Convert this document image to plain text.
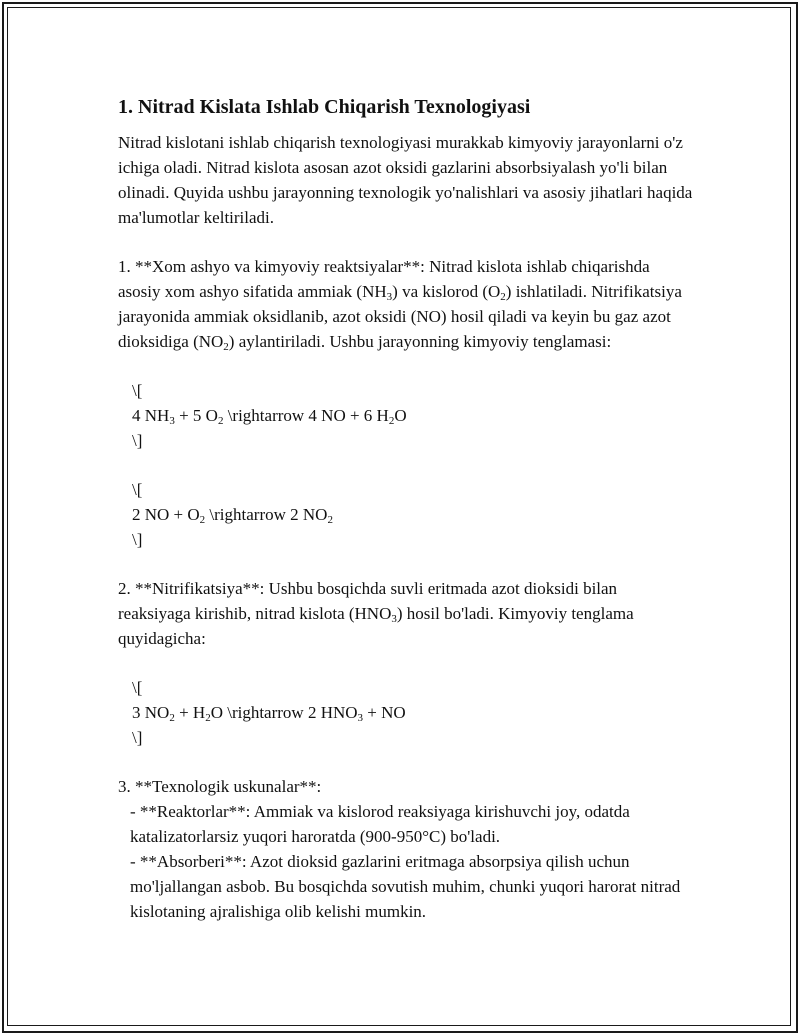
1. Nitrad Kislata Ishlab Chiqarish Texnologiyasi

Nitrad kislotani ishlab chiqarish texnologiyasi murakkab kimyoviy jarayonlarni o'z ichiga oladi. Nitrad kislota asosan azot oksidi gazlarini absorbsiyalash yo'li bilan olinadi. Quyida ushbu jarayonning texnologik yo'nalishlari va asosiy jihatlari haqida ma'lumotlar keltiriladi.

1. **Xom ashyo va kimyoviy reaktsiyalar**: Nitrad kislota ishlab chiqarishda asosiy xom ashyo sifatida ammiak $(NH_3)$ va kislorod $(O_2)$ ishlatiladi. Nitrifikatsiya jarayonida ammiak oksidlanib, azot oksidi (NO) hosil qiladi va keyin bu gaz azot dioksidiga $(NO_2)$ aylantiriladi. Ushbu jarayonning kimyoviy tenglamasi:

\[
4 $NH_3 + 5$ $O_2$ \rightarrow 4 NO + 6 $H_2O$
\]
\[
2 NO + $O_2$ \rightarrow 2 $NO_2$
\]

2. **Nitrifikatsiya**: Ushbu bosqichda suvli eritmada azot dioksidi bilan reaksiyaga kirishib, nitrad kislota $(HNO_3)$ hosil bo'ladi. Kimyoviy tenglama quyidagicha:

\[
3 $NO_2 + H_2O$ \rightarrow 2 $HNO_3$ + NO
\]

3. **Texnologik uskunalar**:

- **Reaktorlar**: Ammiak va kislorod reaksiyaga kirishuvchi joy, odatda katalizatorlarsiz yuqori haroratda (900-950°C) bo'ladi.

- **Absorberi**: Azot dioksid gazlarini eritmaga absorpsiya qilish uchun mo'ljallangan asbob. Bu bosqichda sovutish muhim, chunki yuqori harorat nitrad kislotaning ajralishiga olib kelishi mumkin.
